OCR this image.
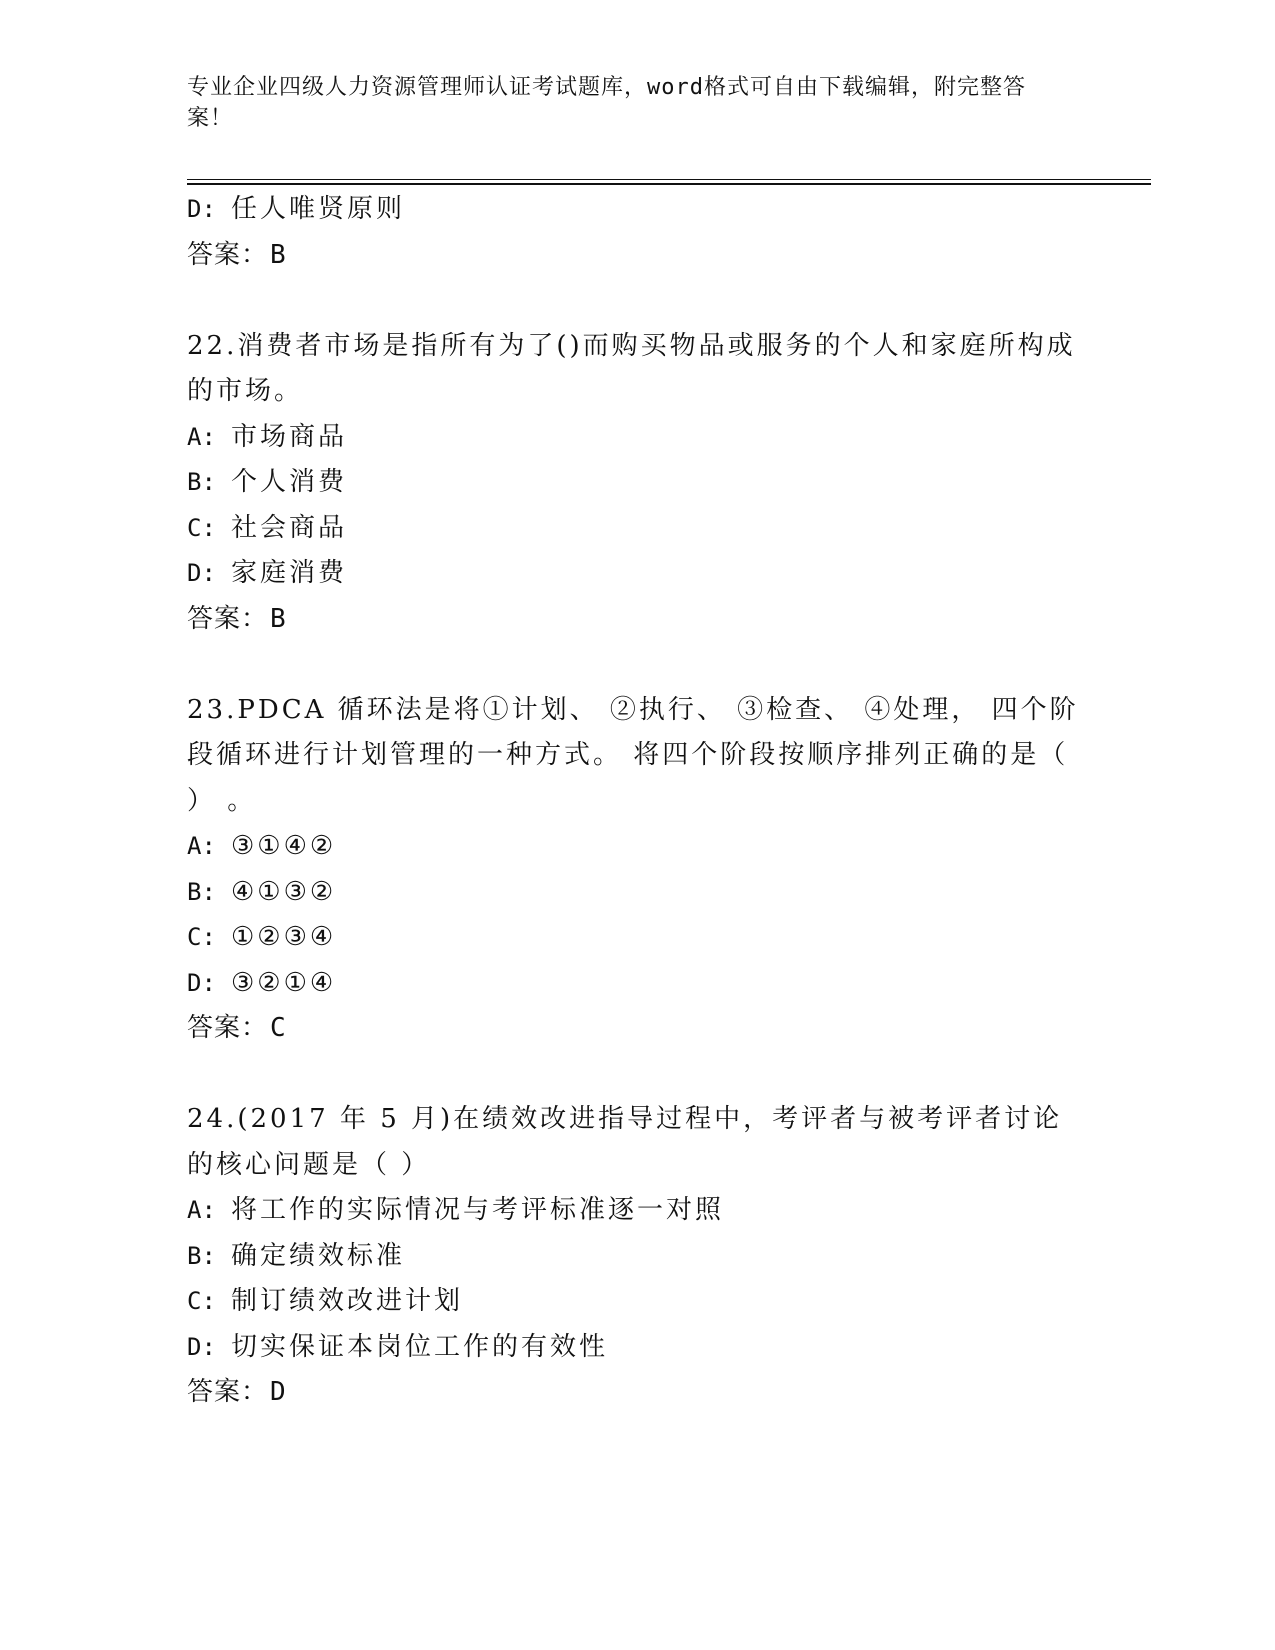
专业企业四级人力资源管理师认证考试题库，word格式可自由下载编辑，附完整答案！
D: 任人唯贤原则
答案：B
22.消费者市场是指所有为了()而购买物品或服务的个人和家庭所构成的市场。
A: 市场商品
B: 个人消费
C: 社会商品
D: 家庭消费
答案：B
23.PDCA 循环法是将①计划、 ②执行、 ③检查、 ④处理， 四个阶段循环进行计划管理的一种方式。 将四个阶段按顺序排列正确的是（ ） 。
A: ③①④②
B: ④①③②
C: ①②③④
D: ③②①④
答案：C
24.(2017 年 5 月)在绩效改进指导过程中，考评者与被考评者讨论的核心问题是（ ）
A: 将工作的实际情况与考评标准逐一对照
B: 确定绩效标准
C: 制订绩效改进计划
D: 切实保证本岗位工作的有效性
答案：D
